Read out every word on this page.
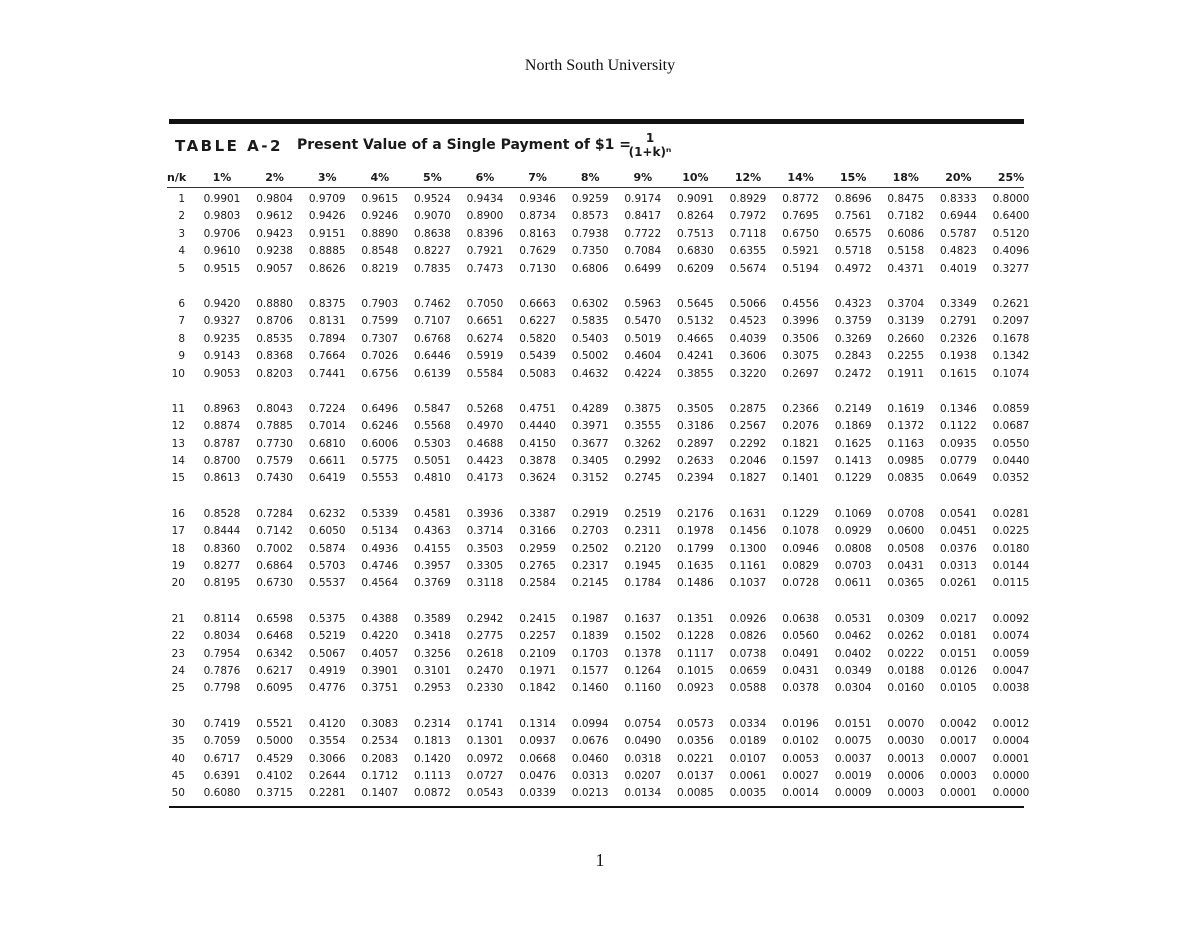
North South University
TABLE A-2 Present Value of a Single Payment of $1 =	1
(1+k)ⁿ
n/k	1%	2%	3%	4%	5%	6%	7%	8%	9%	10%	12%	14%	15%	18%	20%	25%
1	0.9901	0.9804	0.9709	0.9615	0.9524	0.9434	0.9346	0.9259	0.9174	0.9091	0.8929	0.8772	0.8696	0.8475	0.8333	0.8000
2	0.9803	0.9612	0.9426	0.9246	0.9070	0.8900	0.8734	0.8573	0.8417	0.8264	0.7972	0.7695	0.7561	0.7182	0.6944	0.6400
3	0.9706	0.9423	0.9151	0.8890	0.8638	0.8396	0.8163	0.7938	0.7722	0.7513	0.7118	0.6750	0.6575	0.6086	0.5787	0.5120
4	0.9610	0.9238	0.8885	0.8548	0.8227	0.7921	0.7629	0.7350	0.7084	0.6830	0.6355	0.5921	0.5718	0.5158	0.4823	0.4096
5	0.9515	0.9057	0.8626	0.8219	0.7835	0.7473	0.7130	0.6806	0.6499	0.6209	0.5674	0.5194	0.4972	0.4371	0.4019	0.3277
6	0.9420	0.8880	0.8375	0.7903	0.7462	0.7050	0.6663	0.6302	0.5963	0.5645	0.5066	0.4556	0.4323	0.3704	0.3349	0.2621
7	0.9327	0.8706	0.8131	0.7599	0.7107	0.6651	0.6227	0.5835	0.5470	0.5132	0.4523	0.3996	0.3759	0.3139	0.2791	0.2097
8	0.9235	0.8535	0.7894	0.7307	0.6768	0.6274	0.5820	0.5403	0.5019	0.4665	0.4039	0.3506	0.3269	0.2660	0.2326	0.1678
9	0.9143	0.8368	0.7664	0.7026	0.6446	0.5919	0.5439	0.5002	0.4604	0.4241	0.3606	0.3075	0.2843	0.2255	0.1938	0.1342
10	0.9053	0.8203	0.7441	0.6756	0.6139	0.5584	0.5083	0.4632	0.4224	0.3855	0.3220	0.2697	0.2472	0.1911	0.1615	0.1074
11	0.8963	0.8043	0.7224	0.6496	0.5847	0.5268	0.4751	0.4289	0.3875	0.3505	0.2875	0.2366	0.2149	0.1619	0.1346	0.0859
12	0.8874	0.7885	0.7014	0.6246	0.5568	0.4970	0.4440	0.3971	0.3555	0.3186	0.2567	0.2076	0.1869	0.1372	0.1122	0.0687
13	0.8787	0.7730	0.6810	0.6006	0.5303	0.4688	0.4150	0.3677	0.3262	0.2897	0.2292	0.1821	0.1625	0.1163	0.0935	0.0550
14	0.8700	0.7579	0.6611	0.5775	0.5051	0.4423	0.3878	0.3405	0.2992	0.2633	0.2046	0.1597	0.1413	0.0985	0.0779	0.0440
15	0.8613	0.7430	0.6419	0.5553	0.4810	0.4173	0.3624	0.3152	0.2745	0.2394	0.1827	0.1401	0.1229	0.0835	0.0649	0.0352
16	0.8528	0.7284	0.6232	0.5339	0.4581	0.3936	0.3387	0.2919	0.2519	0.2176	0.1631	0.1229	0.1069	0.0708	0.0541	0.0281
17	0.8444	0.7142	0.6050	0.5134	0.4363	0.3714	0.3166	0.2703	0.2311	0.1978	0.1456	0.1078	0.0929	0.0600	0.0451	0.0225
18	0.8360	0.7002	0.5874	0.4936	0.4155	0.3503	0.2959	0.2502	0.2120	0.1799	0.1300	0.0946	0.0808	0.0508	0.0376	0.0180
19	0.8277	0.6864	0.5703	0.4746	0.3957	0.3305	0.2765	0.2317	0.1945	0.1635	0.1161	0.0829	0.0703	0.0431	0.0313	0.0144
20	0.8195	0.6730	0.5537	0.4564	0.3769	0.3118	0.2584	0.2145	0.1784	0.1486	0.1037	0.0728	0.0611	0.0365	0.0261	0.0115
21	0.8114	0.6598	0.5375	0.4388	0.3589	0.2942	0.2415	0.1987	0.1637	0.1351	0.0926	0.0638	0.0531	0.0309	0.0217	0.0092
22	0.8034	0.6468	0.5219	0.4220	0.3418	0.2775	0.2257	0.1839	0.1502	0.1228	0.0826	0.0560	0.0462	0.0262	0.0181	0.0074
23	0.7954	0.6342	0.5067	0.4057	0.3256	0.2618	0.2109	0.1703	0.1378	0.1117	0.0738	0.0491	0.0402	0.0222	0.0151	0.0059
24	0.7876	0.6217	0.4919	0.3901	0.3101	0.2470	0.1971	0.1577	0.1264	0.1015	0.0659	0.0431	0.0349	0.0188	0.0126	0.0047
25	0.7798	0.6095	0.4776	0.3751	0.2953	0.2330	0.1842	0.1460	0.1160	0.0923	0.0588	0.0378	0.0304	0.0160	0.0105	0.0038
30	0.7419	0.5521	0.4120	0.3083	0.2314	0.1741	0.1314	0.0994	0.0754	0.0573	0.0334	0.0196	0.0151	0.0070	0.0042	0.0012
35	0.7059	0.5000	0.3554	0.2534	0.1813	0.1301	0.0937	0.0676	0.0490	0.0356	0.0189	0.0102	0.0075	0.0030	0.0017	0.0004
40	0.6717	0.4529	0.3066	0.2083	0.1420	0.0972	0.0668	0.0460	0.0318	0.0221	0.0107	0.0053	0.0037	0.0013	0.0007	0.0001
45	0.6391	0.4102	0.2644	0.1712	0.1113	0.0727	0.0476	0.0313	0.0207	0.0137	0.0061	0.0027	0.0019	0.0006	0.0003	0.0000
50	0.6080	0.3715	0.2281	0.1407	0.0872	0.0543	0.0339	0.0213	0.0134	0.0085	0.0035	0.0014	0.0009	0.0003	0.0001	0.0000
1
